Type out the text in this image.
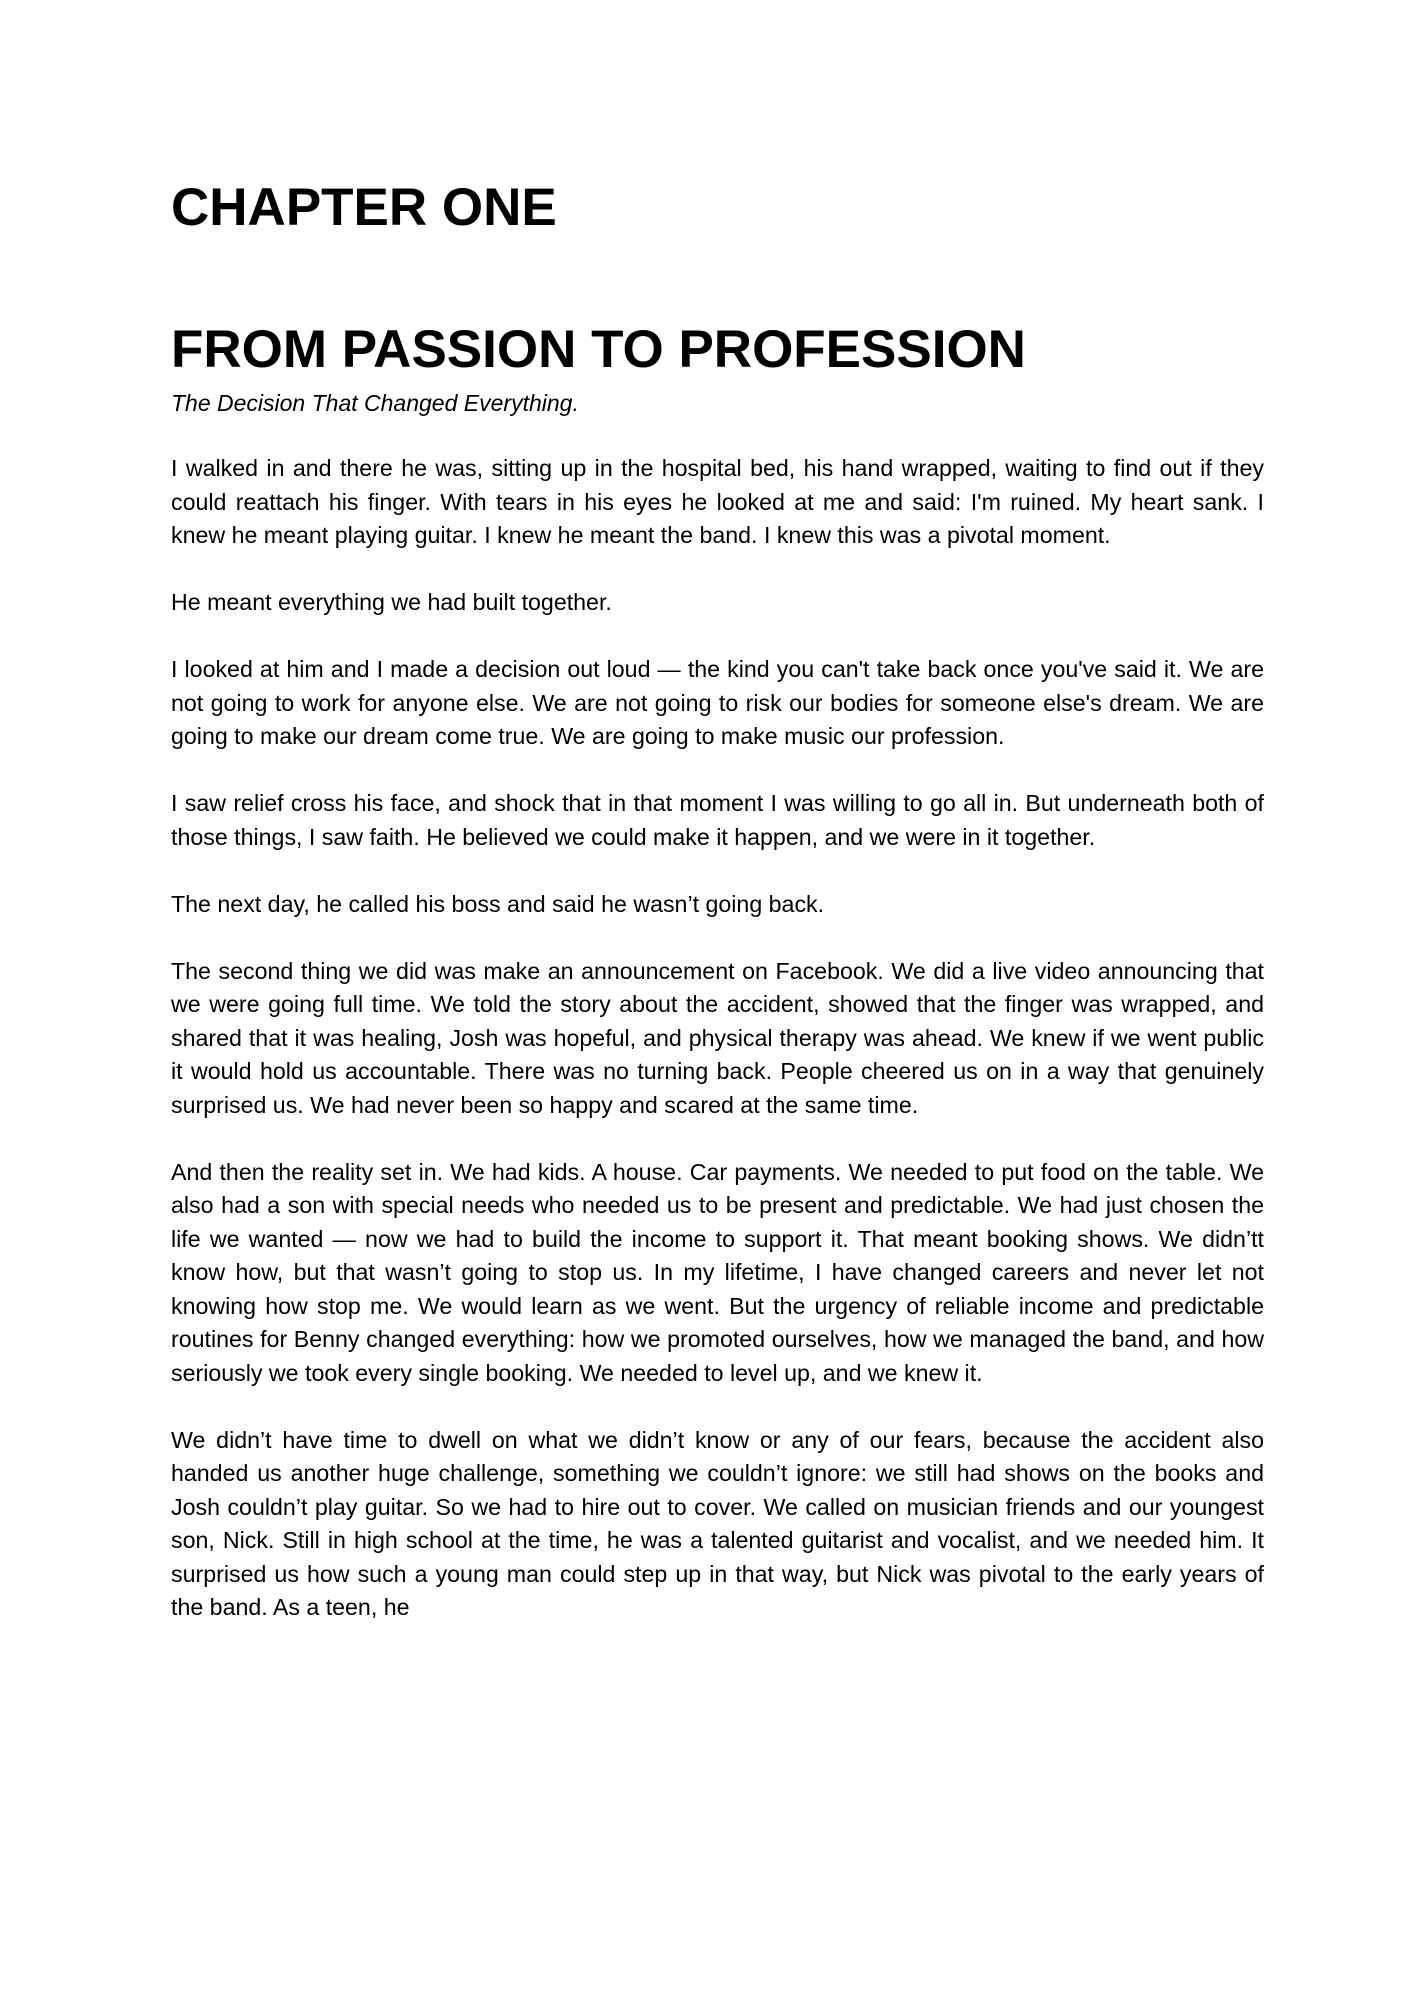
CHAPTER ONE
FROM PASSION TO PROFESSION

The Decision That Changed Everything.

I walked in and there he was, sitting up in the hospital bed, his hand wrapped, waiting to find out if they could reattach his finger. With tears in his eyes he looked at me and said: I'm ruined. My heart sank. I knew he meant playing guitar. I knew he meant the band. I knew this was a pivotal moment.

He meant everything we had built together.

I looked at him and I made a decision out loud — the kind you can't take back once you've said it. We are not going to work for anyone else. We are not going to risk our bodies for someone else's dream. We are going to make our dream come true. We are going to make music our profession.

I saw relief cross his face, and shock that in that moment I was willing to go all in. But underneath both of those things, I saw faith. He believed we could make it happen, and we were in it together.

The next day, he called his boss and said he wasn’t going back.

The second thing we did was make an announcement on Facebook. We did a live video announcing that we were going full time. We told the story about the accident, showed that the finger was wrapped, and shared that it was healing, Josh was hopeful, and physical therapy was ahead. We knew if we went public it would hold us accountable. There was no turning back. People cheered us on in a way that genuinely surprised us. We had never been so happy and scared at the same time.

And then the reality set in. We had kids. A house. Car payments. We needed to put food on the table. We also had a son with special needs who needed us to be present and predictable. We had just chosen the life we wanted — now we had to build the income to support it. That meant booking shows. We didn’tt know how, but that wasn’t going to stop us. In my lifetime, I have changed careers and never let not knowing how stop me. We would learn as we went. But the urgency of reliable income and predictable routines for Benny changed everything: how we promoted ourselves, how we managed the band, and how seriously we took every single booking. We needed to level up, and we knew it.

We didn’t have time to dwell on what we didn’t know or any of our fears, because the accident also handed us another huge challenge, something we couldn’t ignore: we still had shows on the books and Josh couldn’t play guitar. So we had to hire out to cover. We called on musician friends and our youngest son, Nick. Still in high school at the time, he was a talented guitarist and vocalist, and we needed him. It surprised us how such a young man could step up in that way, but Nick was pivotal to the early years of the band. As a teen, he
